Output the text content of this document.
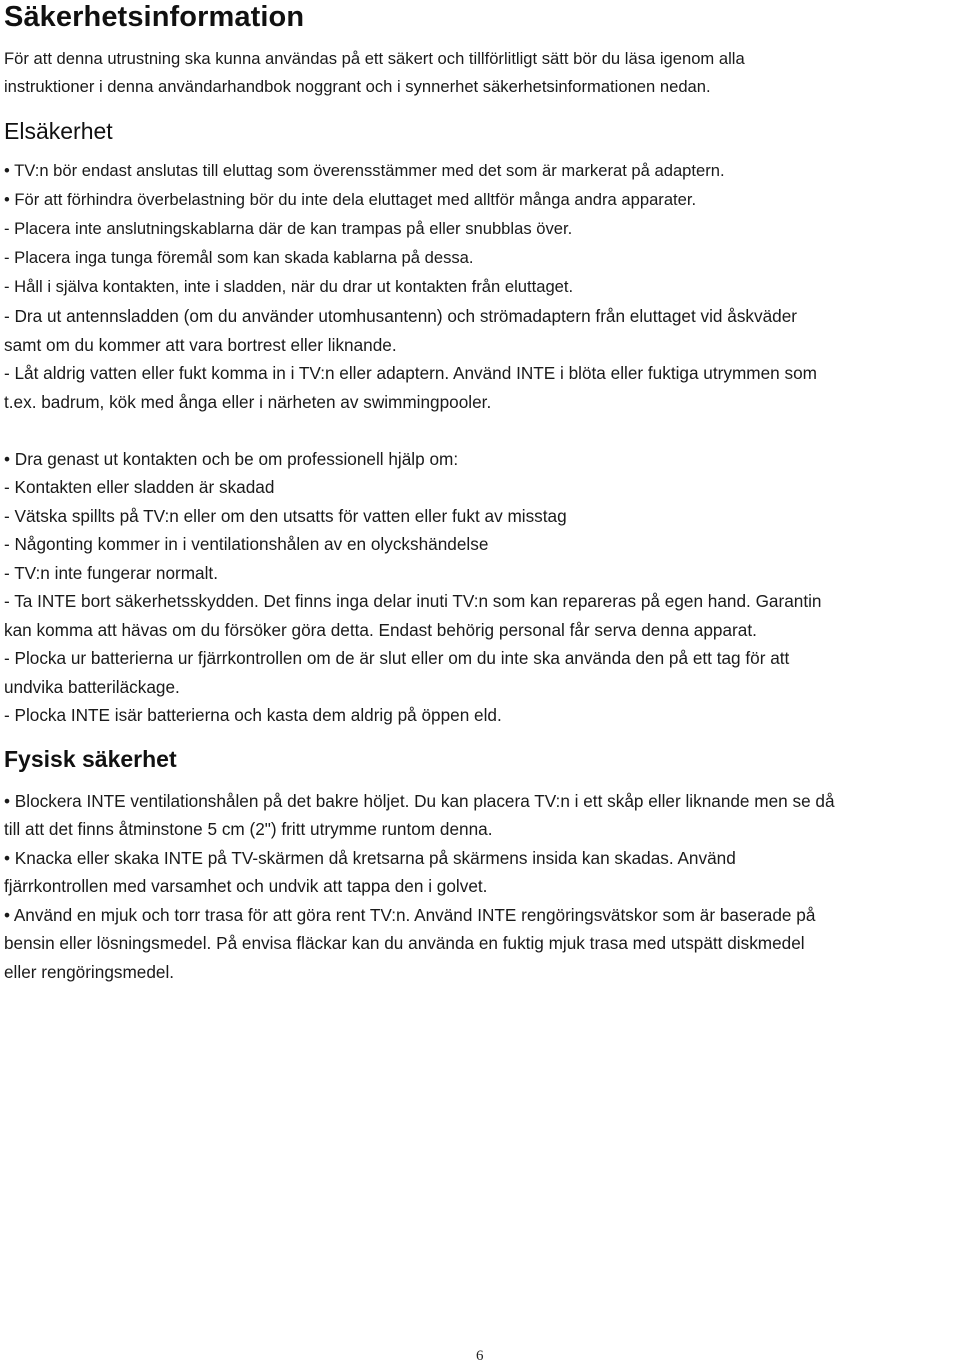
Säkerhetsinformation
För att denna utrustning ska kunna användas på ett säkert och tillförlitligt sätt bör du läsa igenom alla
instruktioner i denna användarhandbok noggrant och i synnerhet säkerhetsinformationen nedan.
Elsäkerhet
• TV:n bör endast anslutas till eluttag som överensstämmer med det som är markerat på adaptern.
• För att förhindra överbelastning bör du inte dela eluttaget med alltför många andra apparater.
- Placera inte anslutningskablarna där de kan trampas på eller snubblas över.
- Placera inga tunga föremål som kan skada kablarna på dessa.
- Håll i själva kontakten, inte i sladden, när du drar ut kontakten från eluttaget.
- Dra ut antennsladden (om du använder utomhusantenn) och strömadaptern från eluttaget vid åskväder
samt om du kommer att vara bortrest eller liknande.
- Låt aldrig vatten eller fukt komma in i TV:n eller adaptern. Använd INTE i blöta eller fuktiga utrymmen som
t.ex. badrum, kök med ånga eller i närheten av swimmingpooler.
• Dra genast ut kontakten och be om professionell hjälp om:
- Kontakten eller sladden är skadad
- Vätska spillts på TV:n eller om den utsatts för vatten eller fukt av misstag
- Någonting kommer in i ventilationshålen av en olyckshändelse
- TV:n inte fungerar normalt.
- Ta INTE bort säkerhetsskydden. Det finns inga delar inuti TV:n som kan repareras på egen hand. Garantin
kan komma att hävas om du försöker göra detta. Endast behörig personal får serva denna apparat.
- Plocka ur batterierna ur fjärrkontrollen om de är slut eller om du inte ska använda den på ett tag för att
undvika batteriläckage.
- Plocka INTE isär batterierna och kasta dem aldrig på öppen eld.
Fysisk säkerhet
• Blockera INTE ventilationshålen på det bakre höljet. Du kan placera TV:n i ett skåp eller liknande men se då
till att det finns åtminstone 5 cm (2") fritt utrymme runtom denna.
• Knacka eller skaka INTE på TV-skärmen då kretsarna på skärmens insida kan skadas. Använd
fjärrkontrollen med varsamhet och undvik att tappa den i golvet.
• Använd en mjuk och torr trasa för att göra rent TV:n. Använd INTE rengöringsvätskor som är baserade på
bensin eller lösningsmedel. På envisa fläckar kan du använda en fuktig mjuk trasa med utspätt diskmedel
eller rengöringsmedel.
6
